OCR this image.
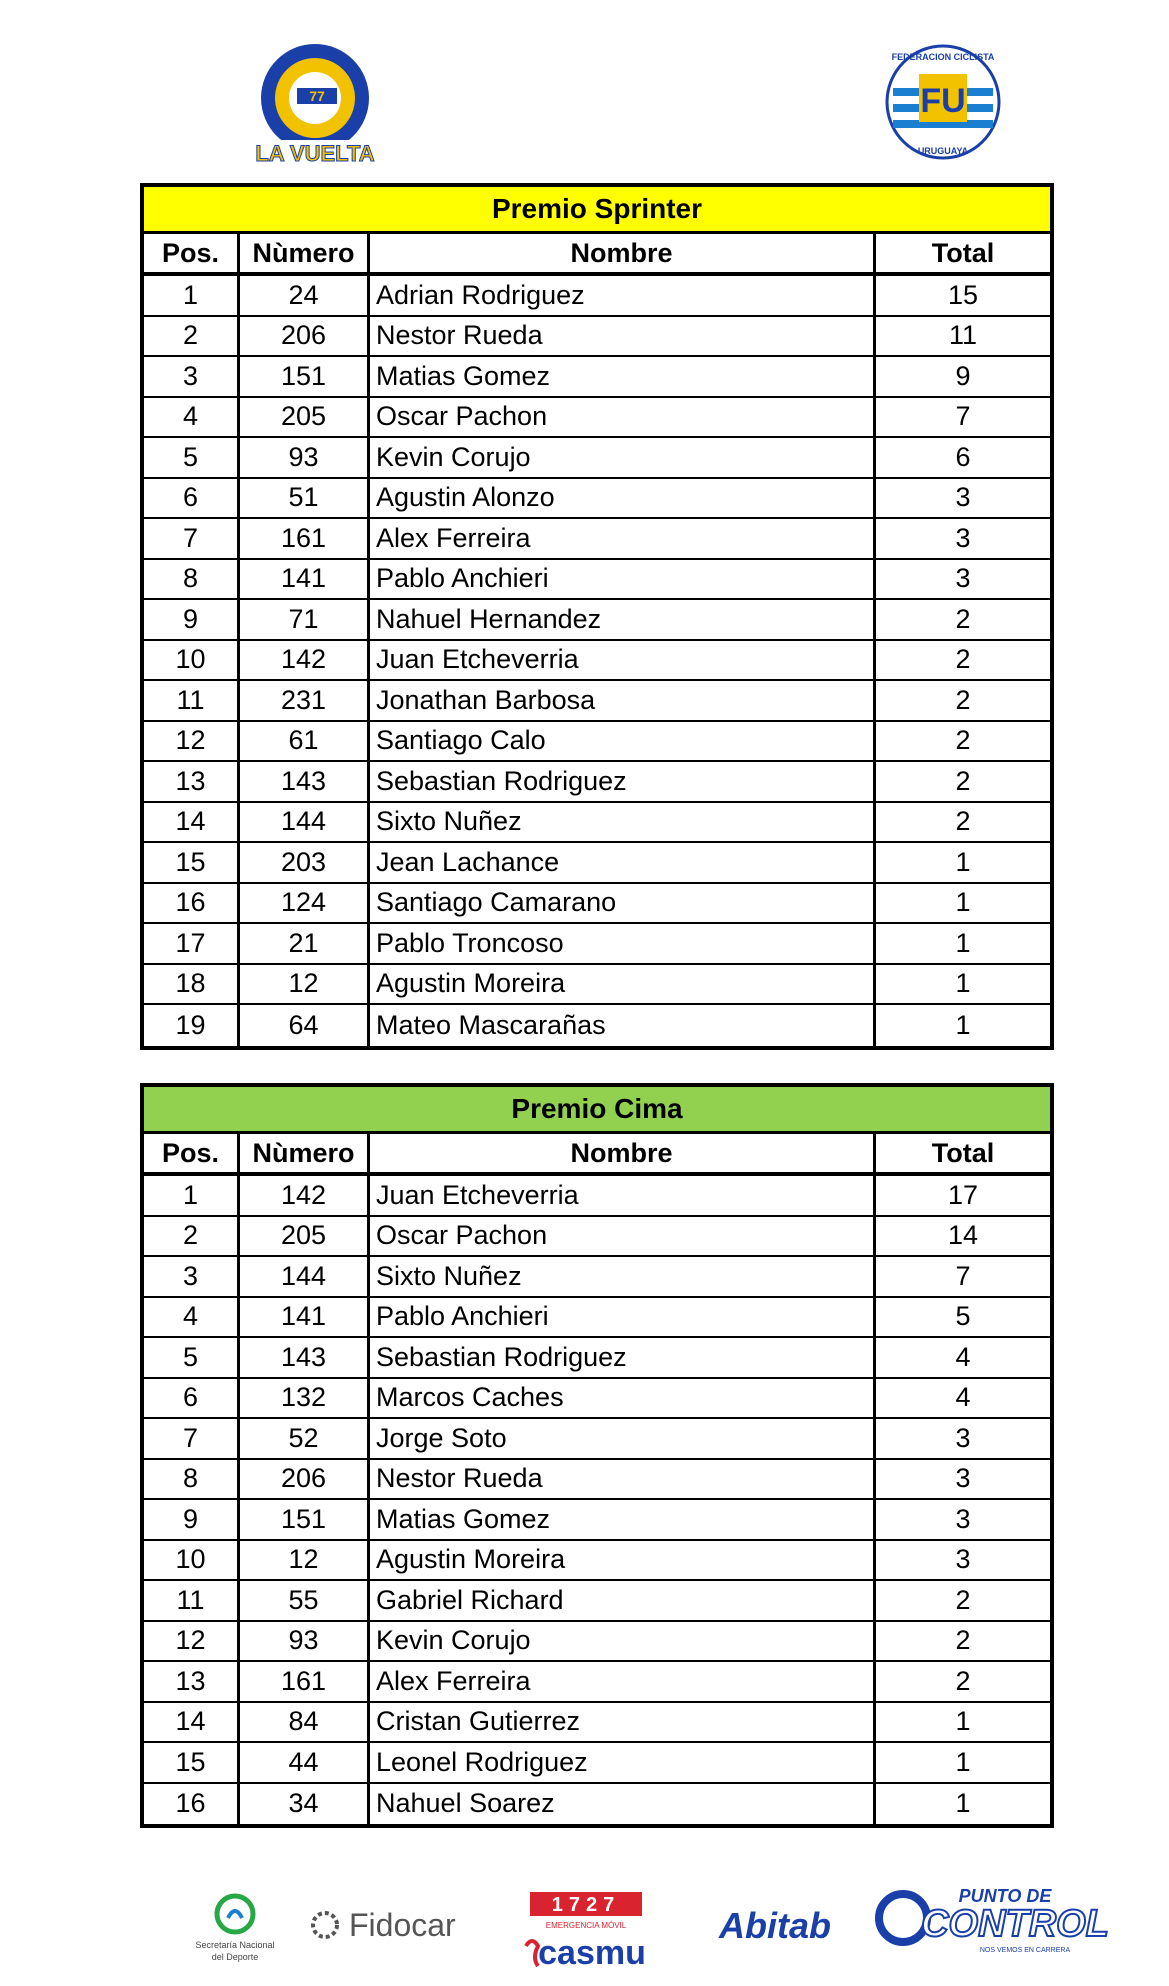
77
LA VUELTA
FU
FEDERACION CICLISTA
URUGUAYA
Premio Sprinter
Pos.	Nùmero	Nombre	Total
1	24	Adrian Rodriguez	15
2	206	Nestor Rueda	11
3	151	Matias Gomez	9
4	205	Oscar Pachon	7
5	93	Kevin Corujo	6
6	51	Agustin Alonzo	3
7	161	Alex Ferreira	3
8	141	Pablo Anchieri	3
9	71	Nahuel Hernandez	2
10	142	Juan Etcheverria	2
11	231	Jonathan Barbosa	2
12	61	Santiago Calo	2
13	143	Sebastian Rodriguez	2
14	144	Sixto Nuñez	2
15	203	Jean Lachance	1
16	124	Santiago Camarano	1
17	21	Pablo Troncoso	1
18	12	Agustin Moreira	1
19	64	Mateo Mascarañas	1
Premio Cima
Pos.	Nùmero	Nombre	Total
1	142	Juan Etcheverria	17
2	205	Oscar Pachon	14
3	144	Sixto Nuñez	7
4	141	Pablo Anchieri	5
5	143	Sebastian Rodriguez	4
6	132	Marcos Caches	4
7	52	Jorge Soto	3
8	206	Nestor Rueda	3
9	151	Matias Gomez	3
10	12	Agustin Moreira	3
11	55	Gabriel Richard	2
12	93	Kevin Corujo	2
13	161	Alex Ferreira	2
14	84	Cristan Gutierrez	1
15	44	Leonel Rodriguez	1
16	34	Nahuel Soarez	1
Secretaría Nacional
del Deporte
Fidocar
1727
EMERGENCIA MÓVIL
casmu
Abitab
PUNTO DE
CONTROL
NOS VEMOS EN CARRERA
